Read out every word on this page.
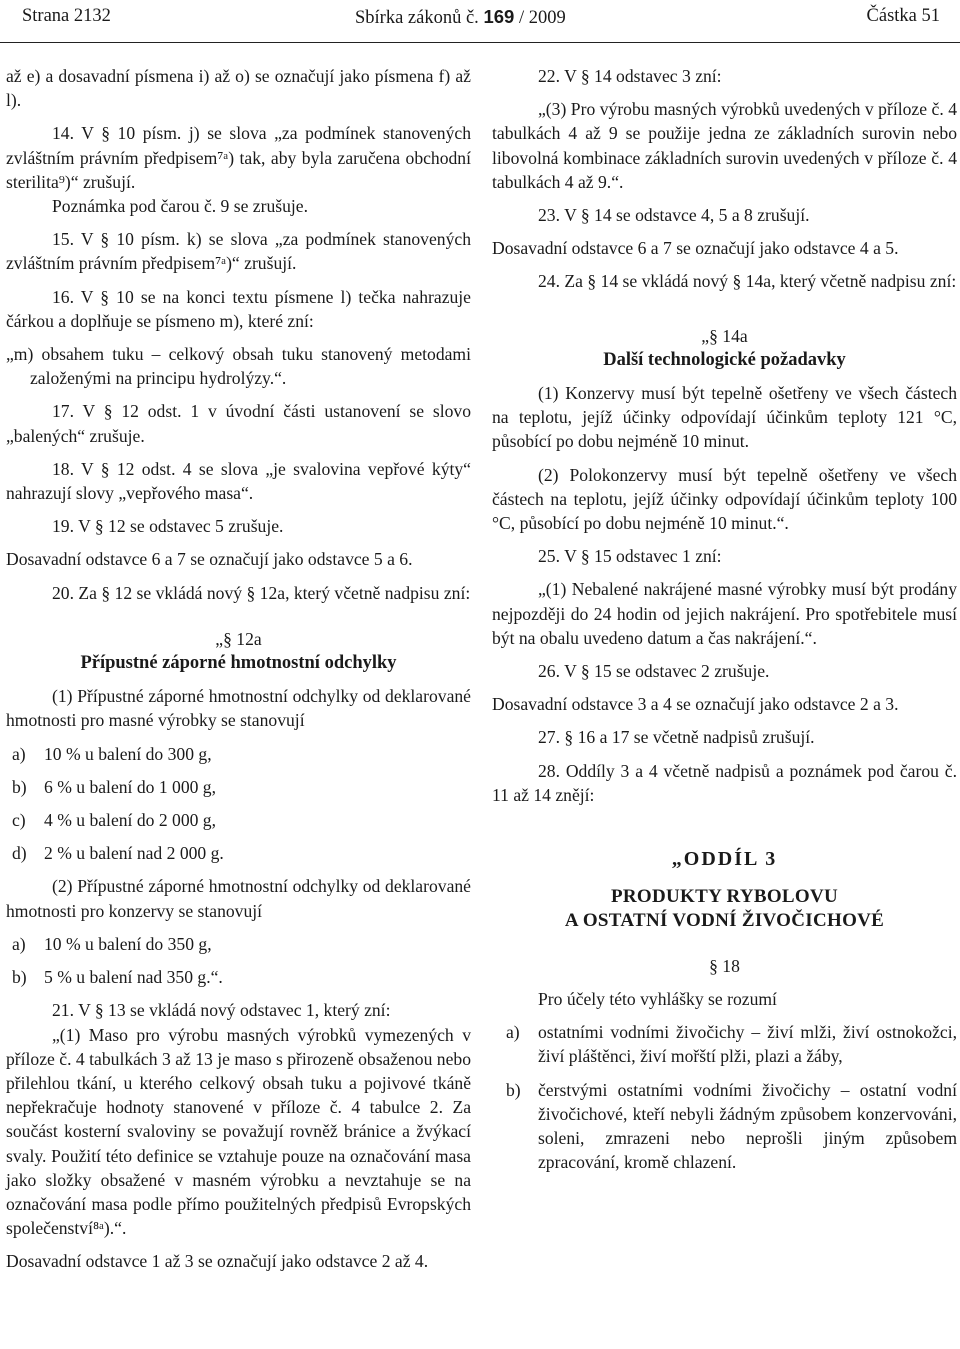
Strana 2132	Sbírka zákonů č. 169 / 2009	Částka 51

až e) a dosavadní písmena i) až o) se označují jako písmena f) až l).

14. V § 10 písm. j) se slova „za podmínek stanovených zvláštním právním předpisem⁷ᵃ) tak, aby byla zaručena obchodní sterilita⁹)“ zrušují.

Poznámka pod čarou č. 9 se zrušuje.

15. V § 10 písm. k) se slova „za podmínek stanovených zvláštním právním předpisem⁷ᵃ)“ zrušují.

16. V § 10 se na konci textu písmene l) tečka nahrazuje čárkou a doplňuje se písmeno m), které zní:

„m) obsahem tuku – celkový obsah tuku stanovený metodami založenými na principu hydrolýzy.“.

17. V § 12 odst. 1 v úvodní části ustanovení se slovo „balených“ zrušuje.

18. V § 12 odst. 4 se slova „je svalovina vepřové kýty“ nahrazují slovy „vepřového masa“.

19. V § 12 se odstavec 5 zrušuje.

Dosavadní odstavce 6 a 7 se označují jako odstavce 5 a 6.

20. Za § 12 se vkládá nový § 12a, který včetně nadpisu zní:

„§ 12a

Přípustné záporné hmotnostní odchylky

(1) Přípustné záporné hmotnostní odchylky od deklarované hmotnosti pro masné výrobky se stanovují

a)	10 % u balení do 300 g,
b) 6 % u balení do 1 000 g,
c)	4 % u balení do 2 000 g,
d) 2 % u balení nad 2 000 g.

(2) Přípustné záporné hmotnostní odchylky od deklarované hmotnosti pro konzervy se stanovují

a)	10 % u balení do 350 g,
b) 5 % u balení nad 350 g.“.

21. V § 13 se vkládá nový odstavec 1, který zní:

„(1) Maso pro výrobu masných výrobků vymezených v příloze č. 4 tabulkách 3 až 13 je maso s přirozeně obsaženou nebo přilehlou tkání, u kterého celkový obsah tuku a pojivové tkáně nepřekračuje hodnoty stanovené v příloze č. 4 tabulce 2. Za součást kosterní svaloviny se považují rovněž bránice a žvýkací svaly. Použití této definice se vztahuje pouze na označování masa jako složky obsažené v masném výrobku a nevztahuje se na označování masa podle přímo použitelných předpisů Evropských společenství⁸ᵃ).“.

Dosavadní odstavce 1 až 3 se označují jako odstavce 2 až 4.

22. V § 14 odstavec 3 zní:

„(3) Pro výrobu masných výrobků uvedených v příloze č. 4 tabulkách 4 až 9 se použije jedna ze základních surovin nebo libovolná kombinace základních surovin uvedených v příloze č. 4 tabulkách 4 až 9.“.

23. V § 14 se odstavce 4, 5 a 8 zrušují.

Dosavadní odstavce 6 a 7 se označují jako odstavce 4 a 5.

24. Za § 14 se vkládá nový § 14a, který včetně nadpisu zní:

„§ 14a

Další technologické požadavky

(1) Konzervy musí být tepelně ošetřeny ve všech částech na teplotu, jejíž účinky odpovídají účinkům teploty 121 °C, působící po dobu nejméně 10 minut.

(2) Polokonzervy musí být tepelně ošetřeny ve všech částech na teplotu, jejíž účinky odpovídají účinkům teploty 100 °C, působící po dobu nejméně 10 minut.“.

25. V § 15 odstavec 1 zní:

„(1) Nebalené nakrájené masné výrobky musí být prodány nejpozději do 24 hodin od jejich nakrájení. Pro spotřebitele musí být na obalu uvedeno datum a čas nakrájení.“.

26. V § 15 se odstavec 2 zrušuje.

Dosavadní odstavce 3 a 4 se označují jako odstavce 2 a 3.

27. § 16 a 17 se včetně nadpisů zrušují.

28. Oddíly 3 a 4 včetně nadpisů a poznámek pod čarou č. 11 až 14 znějí:

„ODDÍL 3

PRODUKTY RYBOLOVU

A OSTATNÍ VODNÍ ŽIVOČICHOVÉ

§ 18

Pro účely této vyhlášky se rozumí

a)	ostatními vodními živočichy – živí mlži, živí ostnokožci, živí pláštěnci, živí mořští plži, plazi a žáby,
b) čerstvými ostatními vodními živočichy – ostatní vodní živočichové, kteří nebyli žádným způsobem konzervováni, soleni, zmrazeni nebo neprošli jiným způsobem zpracování, kromě chlazení.
